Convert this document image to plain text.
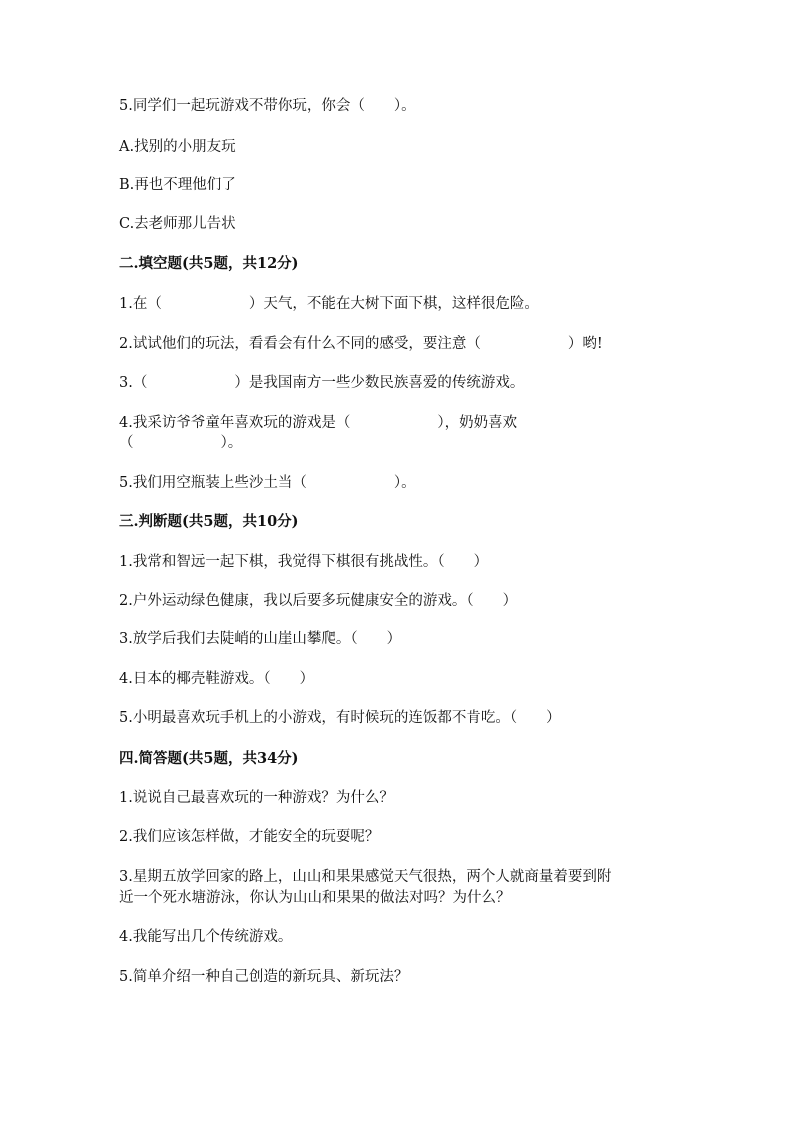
5.同学们一起玩游戏不带你玩，你会（　　）。
A.找别的小朋友玩
B.再也不理他们了
C.去老师那儿告状
二.填空题(共5题，共12分)
1.在（　　　　　　）天气，不能在大树下面下棋，这样很危险。
2.试试他们的玩法，看看会有什么不同的感受，要注意（　　　　　　）哟!
3.（　　　　　　）是我国南方一些少数民族喜爱的传统游戏。
4.我采访爷爷童年喜欢玩的游戏是（　　　　　　），奶奶喜欢
（　　　　　　）。
5.我们用空瓶装上些沙土当（　　　　　　）。
三.判断题(共5题，共10分)
1.我常和智远一起下棋，我觉得下棋很有挑战性。（　　）
2.户外运动绿色健康，我以后要多玩健康安全的游戏。（　　）
3.放学后我们去陡峭的山崖山攀爬。（　　）
4.日本的椰壳鞋游戏。（　　）
5.小明最喜欢玩手机上的小游戏，有时候玩的连饭都不肯吃。（　　）
四.简答题(共5题，共34分)
1.说说自己最喜欢玩的一种游戏？为什么？
2.我们应该怎样做，才能安全的玩耍呢？
3.星期五放学回家的路上，山山和果果感觉天气很热，两个人就商量着要到附
近一个死水塘游泳，你认为山山和果果的做法对吗？为什么？
4.我能写出几个传统游戏。
5.简单介绍一种自己创造的新玩具、新玩法？
